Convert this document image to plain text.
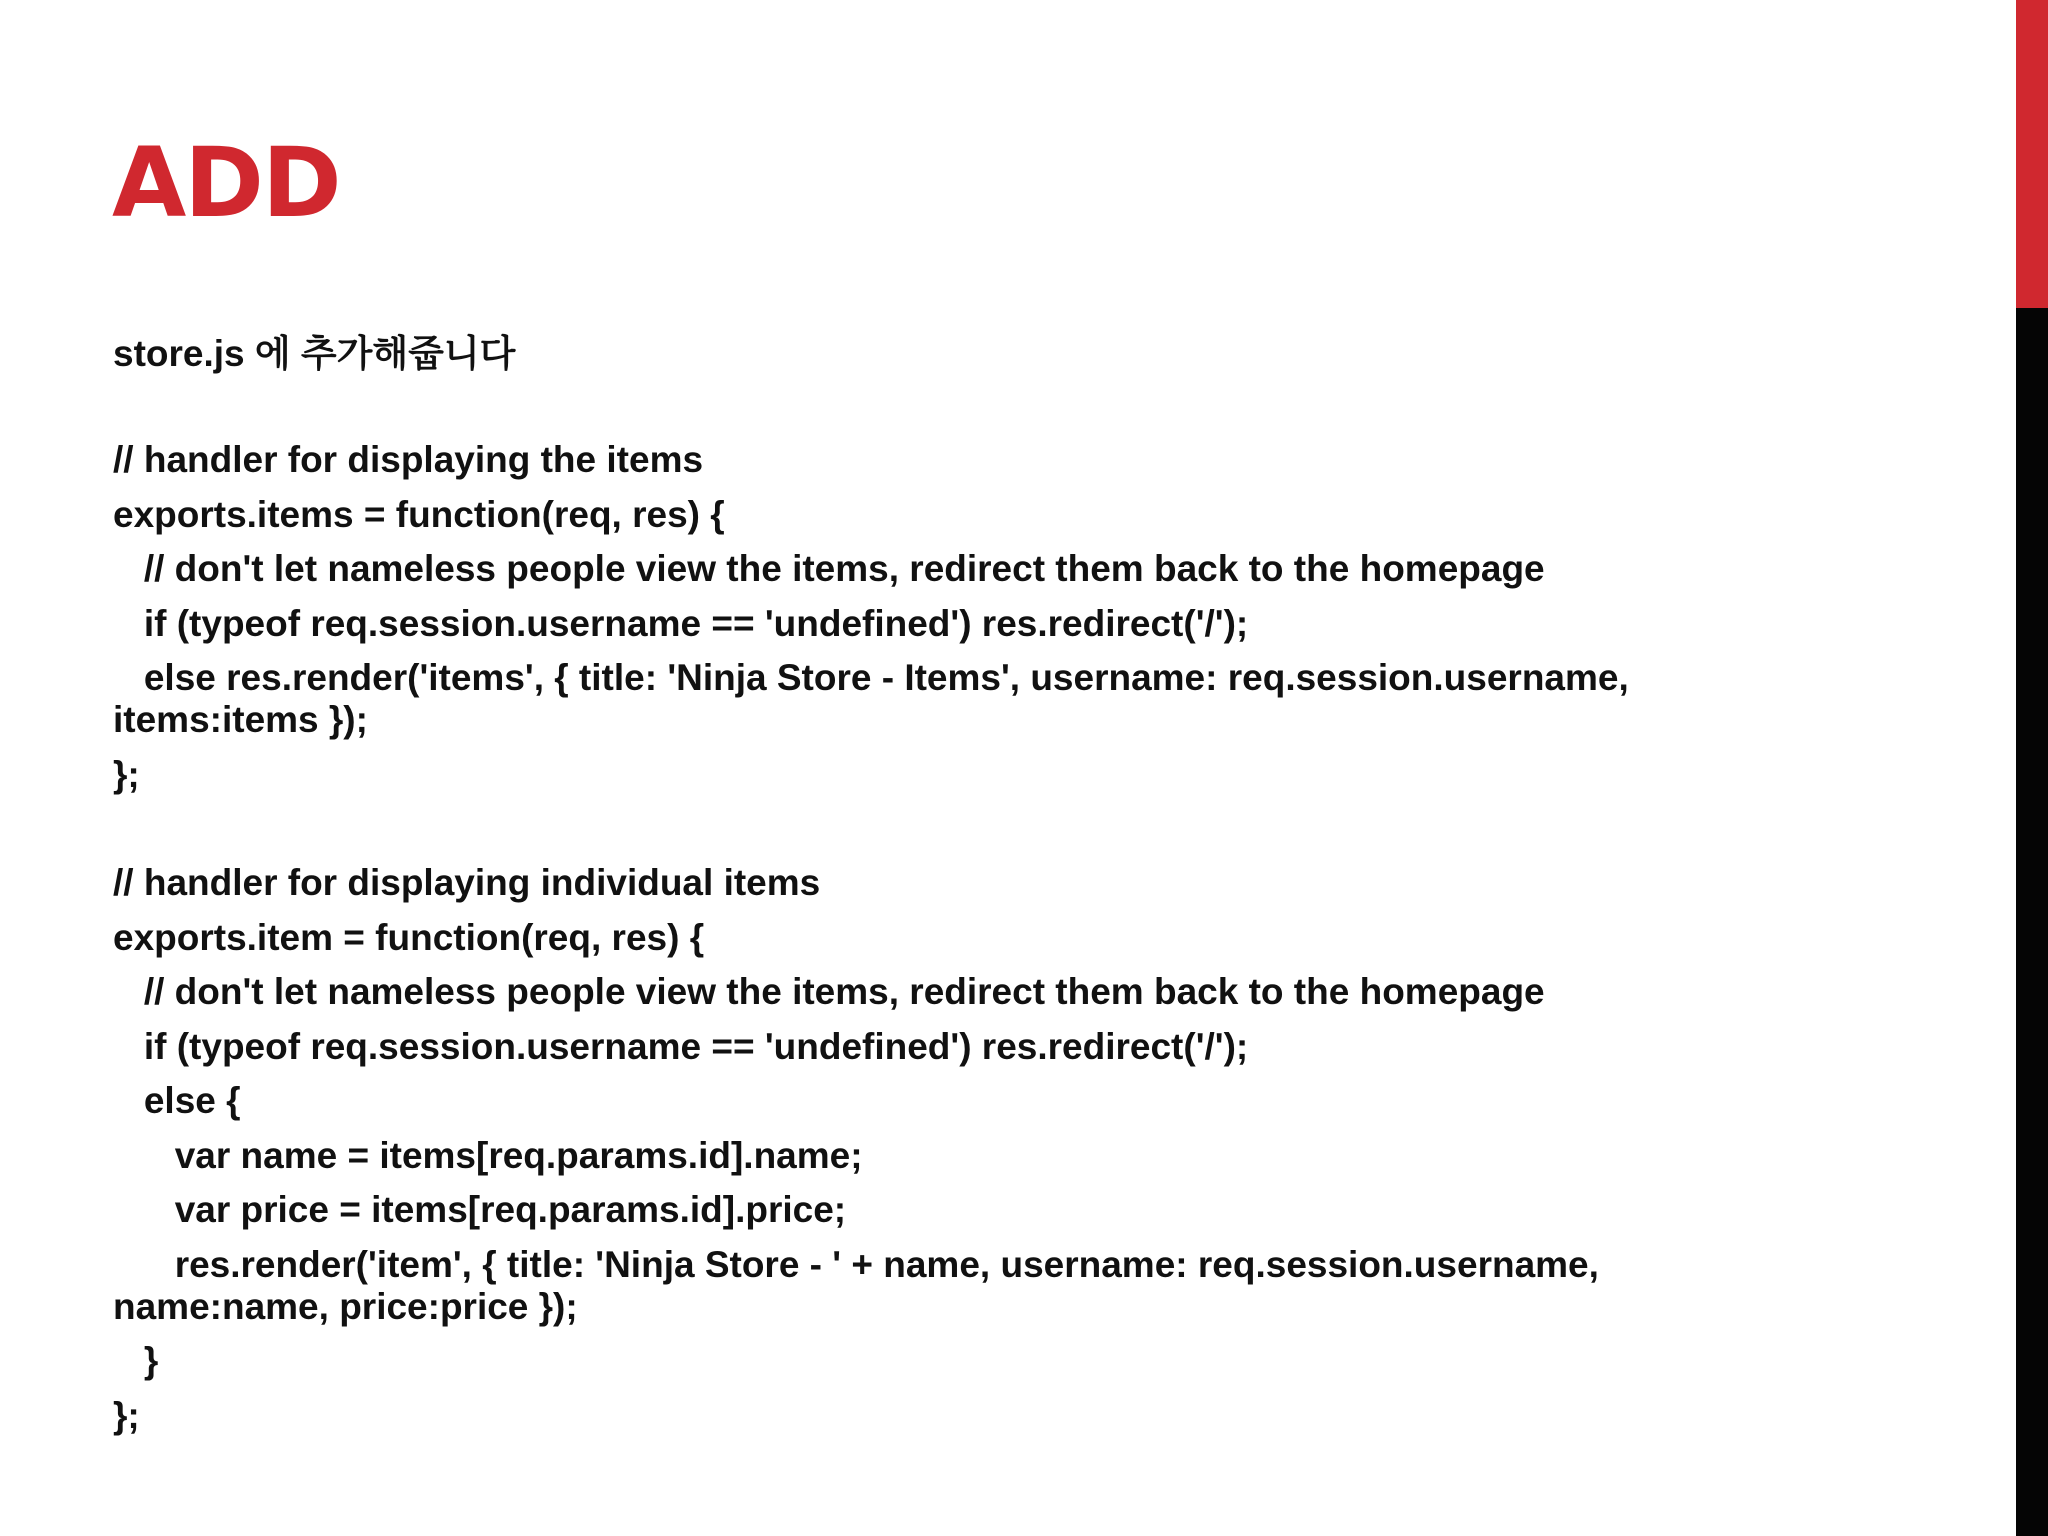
ADD

store.js 에 추가해줍니다

// handler for displaying the items

exports.items = function(req, res) {

// don't let nameless people view the items, redirect them back to the homepage

if (typeof req.session.username == 'undefined') res.redirect('/');

else res.render('items', { title: 'Ninja Store - Items', username: req.session.username, items:items });

};

// handler for displaying individual items

exports.item = function(req, res) {

// don't let nameless people view the items, redirect them back to the homepage

if (typeof req.session.username == 'undefined') res.redirect('/');

else {

var name = items[req.params.id].name;

var price = items[req.params.id].price;

res.render('item', { title: 'Ninja Store - ' + name, username: req.session.username, name:name, price:price });

}

};
